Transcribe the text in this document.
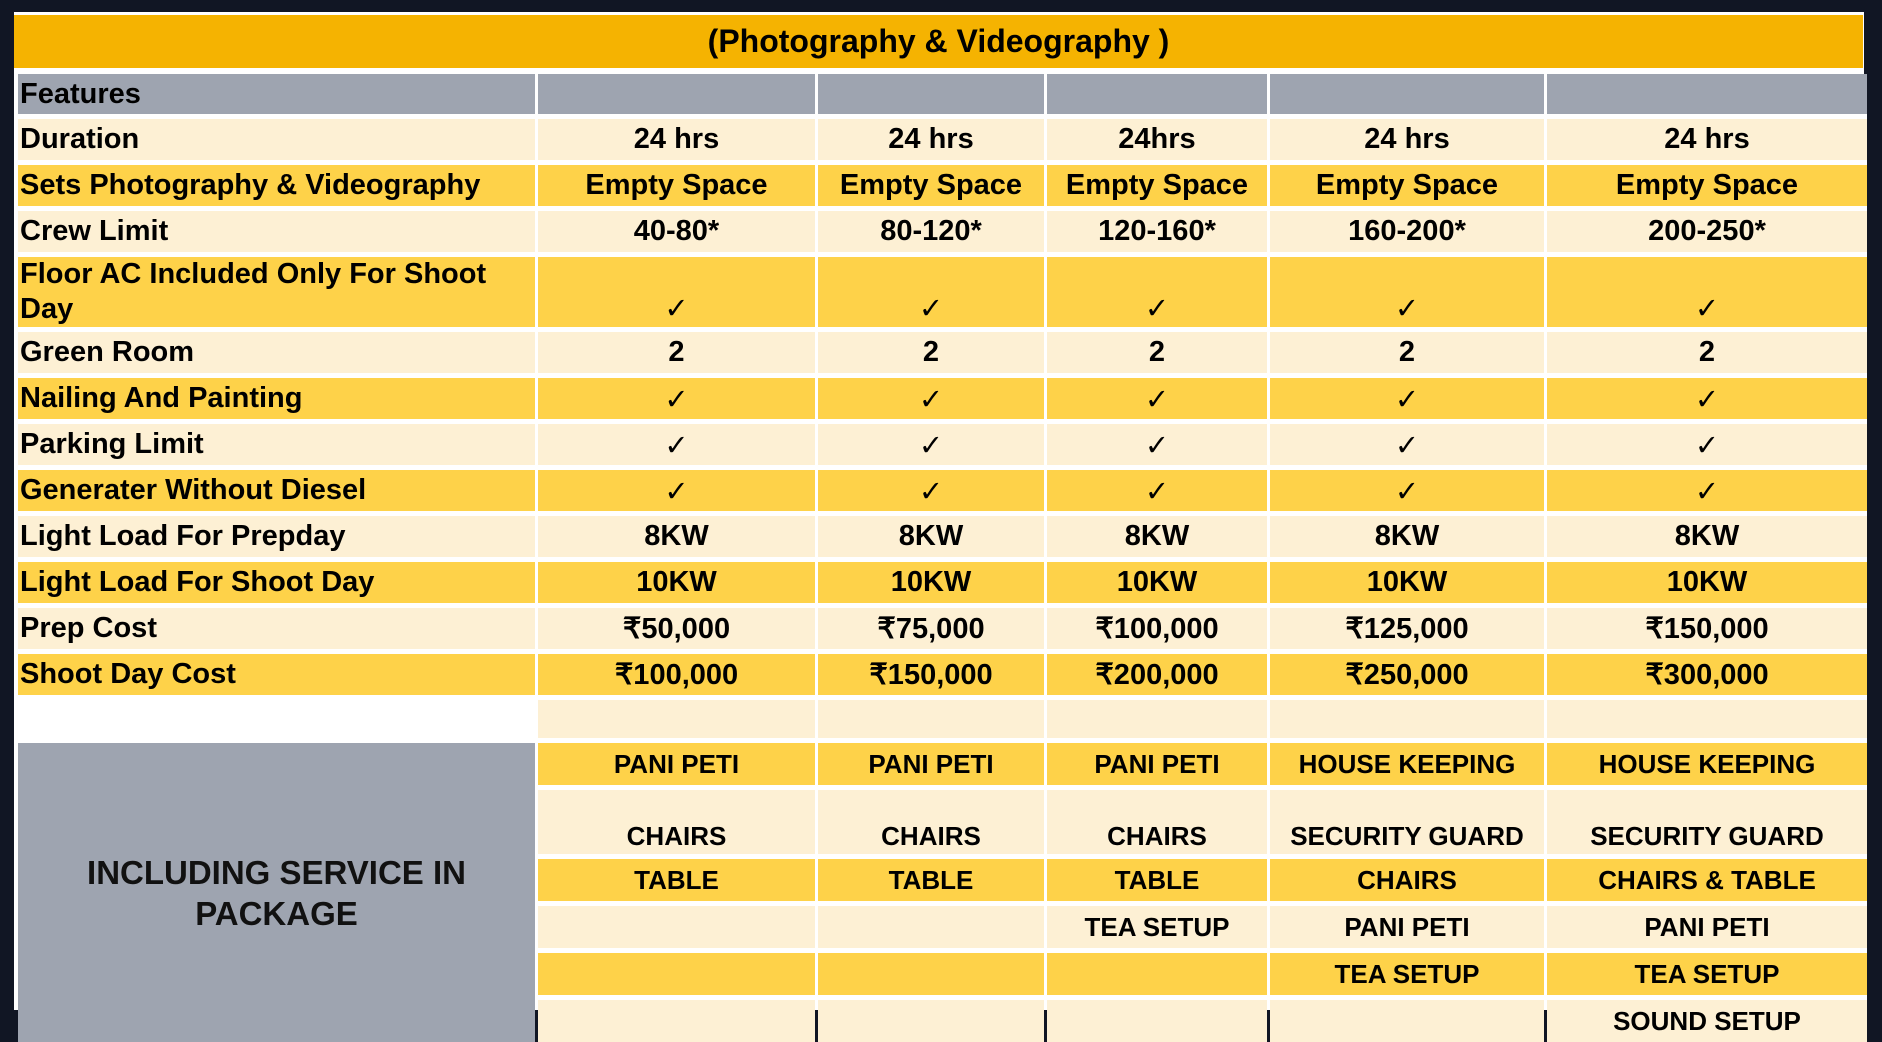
(Photography & Videography )
Features					

Duration	24 hrs	24 hrs	24hrs	24 hrs	24 hrs

Sets Photography & Videography	Empty Space	Empty Space	Empty Space	Empty Space	Empty Space

Crew Limit	40-80*	80-120*	120-160*	160-200*	200-250*

Floor AC Included Only For Shoot Day	✓	✓	✓	✓	✓

Green Room	2	2	2	2	2

Nailing And Painting	✓	✓	✓	✓	✓

Parking Limit	✓	✓	✓	✓	✓

Generater Without Diesel	✓	✓	✓	✓	✓

Light Load For Prepday	8KW	8KW	8KW	8KW	8KW

Light Load For Shoot Day	10KW	10KW	10KW	10KW	10KW

Prep Cost	₹50,000	₹75,000	₹100,000	₹125,000	₹150,000

Shoot Day Cost	₹100,000	₹150,000	₹200,000	₹250,000	₹300,000

INCLUDING SERVICE IN PACKAGE	PANI PETI	PANI PETI	PANI PETI	HOUSE KEEPING	HOUSE KEEPING

	CHAIRS	CHAIRS	CHAIRS	SECURITY GUARD	SECURITY GUARD

	TABLE	TABLE	TABLE	CHAIRS	CHAIRS & TABLE

			TEA SETUP	PANI PETI	PANI PETI

				TEA SETUP	TEA SETUP

					SOUND SETUP
